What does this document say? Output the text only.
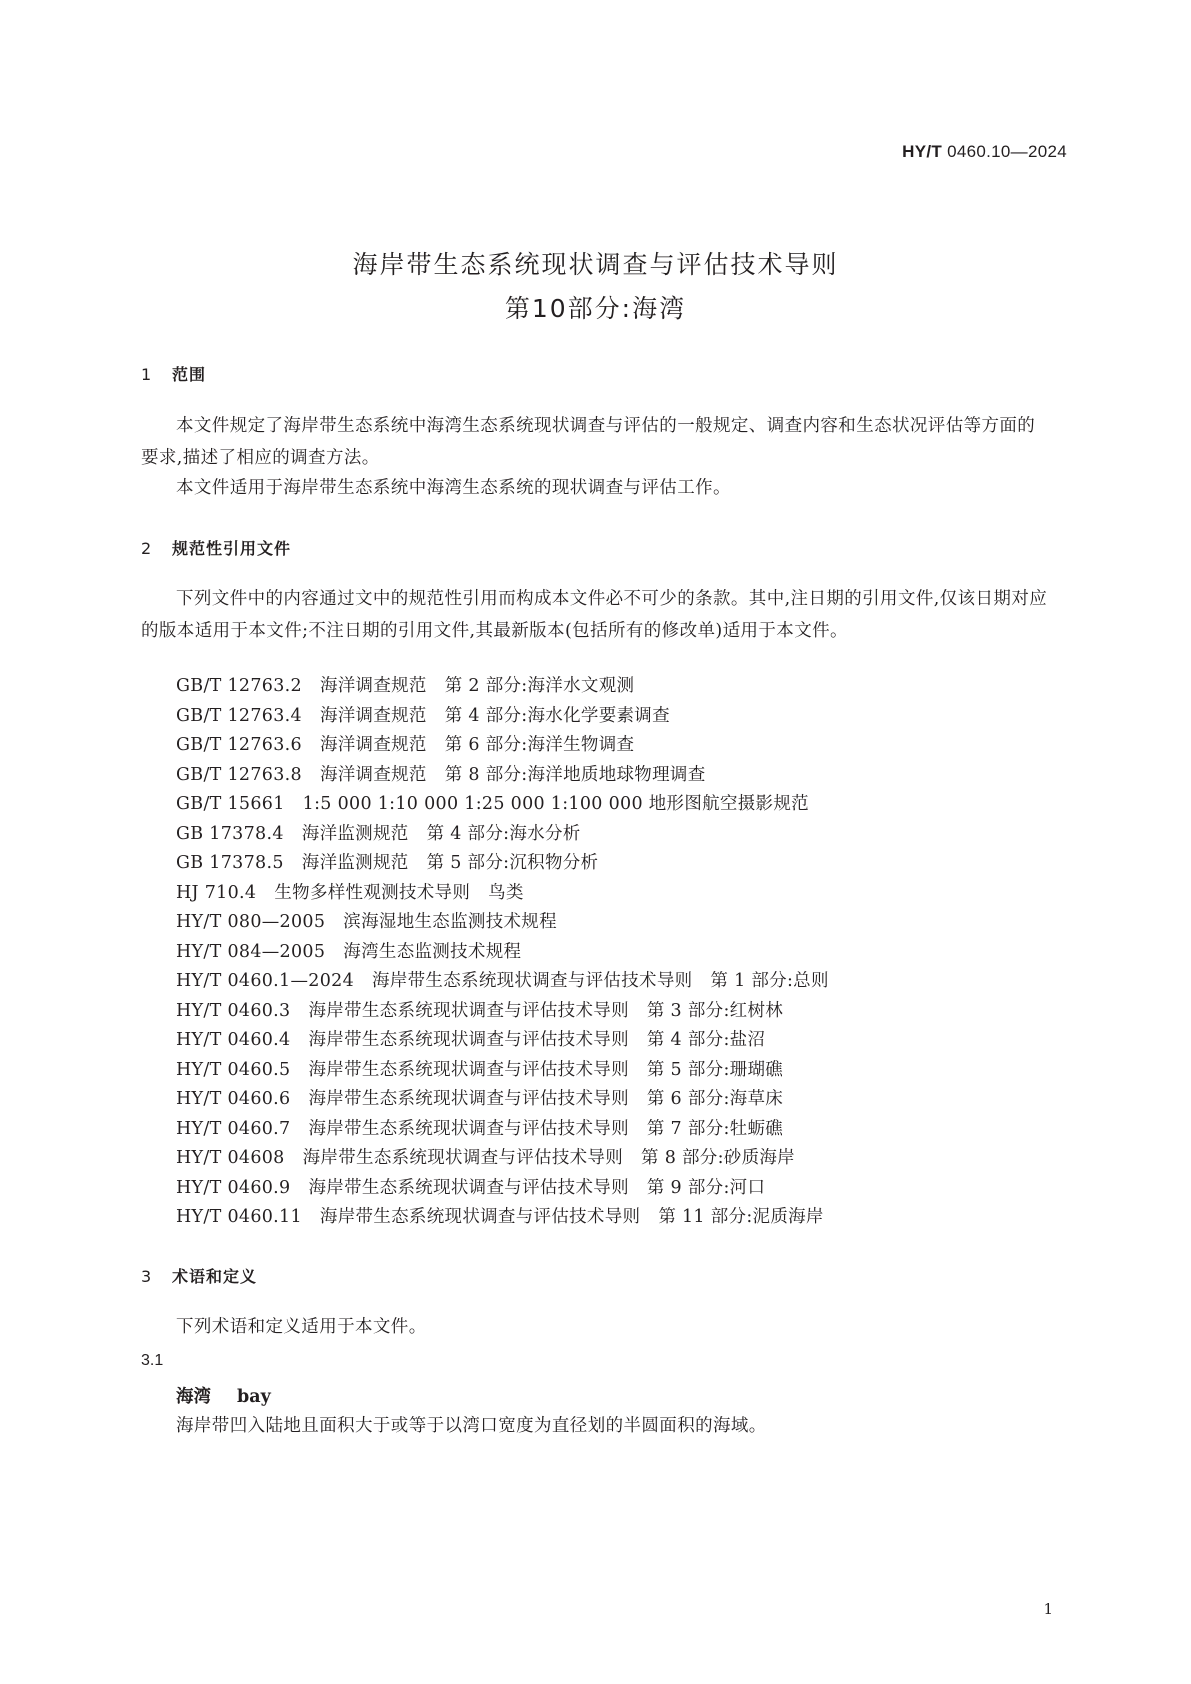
HY/T 0460.10—2024
海岸带生态系统现状调查与评估技术导则
第10部分:海湾
1 范围
本文件规定了海岸带生态系统中海湾生态系统现状调查与评估的一般规定、调查内容和生态状况评估等方面的要求,描述了相应的调查方法。
本文件适用于海岸带生态系统中海湾生态系统的现状调查与评估工作。
2 规范性引用文件
下列文件中的内容通过文中的规范性引用而构成本文件必不可少的条款。其中,注日期的引用文件,仅该日期对应的版本适用于本文件;不注日期的引用文件,其最新版本(包括所有的修改单)适用于本文件。
GB/T 12763.2 海洋调查规范 第 2 部分:海洋水文观测
GB/T 12763.4 海洋调查规范 第 4 部分:海水化学要素调查
GB/T 12763.6 海洋调查规范 第 6 部分:海洋生物调查
GB/T 12763.8 海洋调查规范 第 8 部分:海洋地质地球物理调查
GB/T 15661 1:5 000 1:10 000 1:25 000 1:100 000 地形图航空摄影规范
GB 17378.4 海洋监测规范 第 4 部分:海水分析
GB 17378.5 海洋监测规范 第 5 部分:沉积物分析
HJ 710.4 生物多样性观测技术导则 鸟类
HY/T 080—2005 滨海湿地生态监测技术规程
HY/T 084—2005 海湾生态监测技术规程
HY/T 0460.1—2024 海岸带生态系统现状调查与评估技术导则 第 1 部分:总则
HY/T 0460.3 海岸带生态系统现状调查与评估技术导则 第 3 部分:红树林
HY/T 0460.4 海岸带生态系统现状调查与评估技术导则 第 4 部分:盐沼
HY/T 0460.5 海岸带生态系统现状调查与评估技术导则 第 5 部分:珊瑚礁
HY/T 0460.6 海岸带生态系统现状调查与评估技术导则 第 6 部分:海草床
HY/T 0460.7 海岸带生态系统现状调查与评估技术导则 第 7 部分:牡蛎礁
HY/T 04608 海岸带生态系统现状调查与评估技术导则 第 8 部分:砂质海岸
HY/T 0460.9 海岸带生态系统现状调查与评估技术导则 第 9 部分:河口
HY/T 0460.11 海岸带生态系统现状调查与评估技术导则 第 11 部分:泥质海岸
3 术语和定义
下列术语和定义适用于本文件。
3.1
海湾 bay
海岸带凹入陆地且面积大于或等于以湾口宽度为直径划的半圆面积的海域。
1
